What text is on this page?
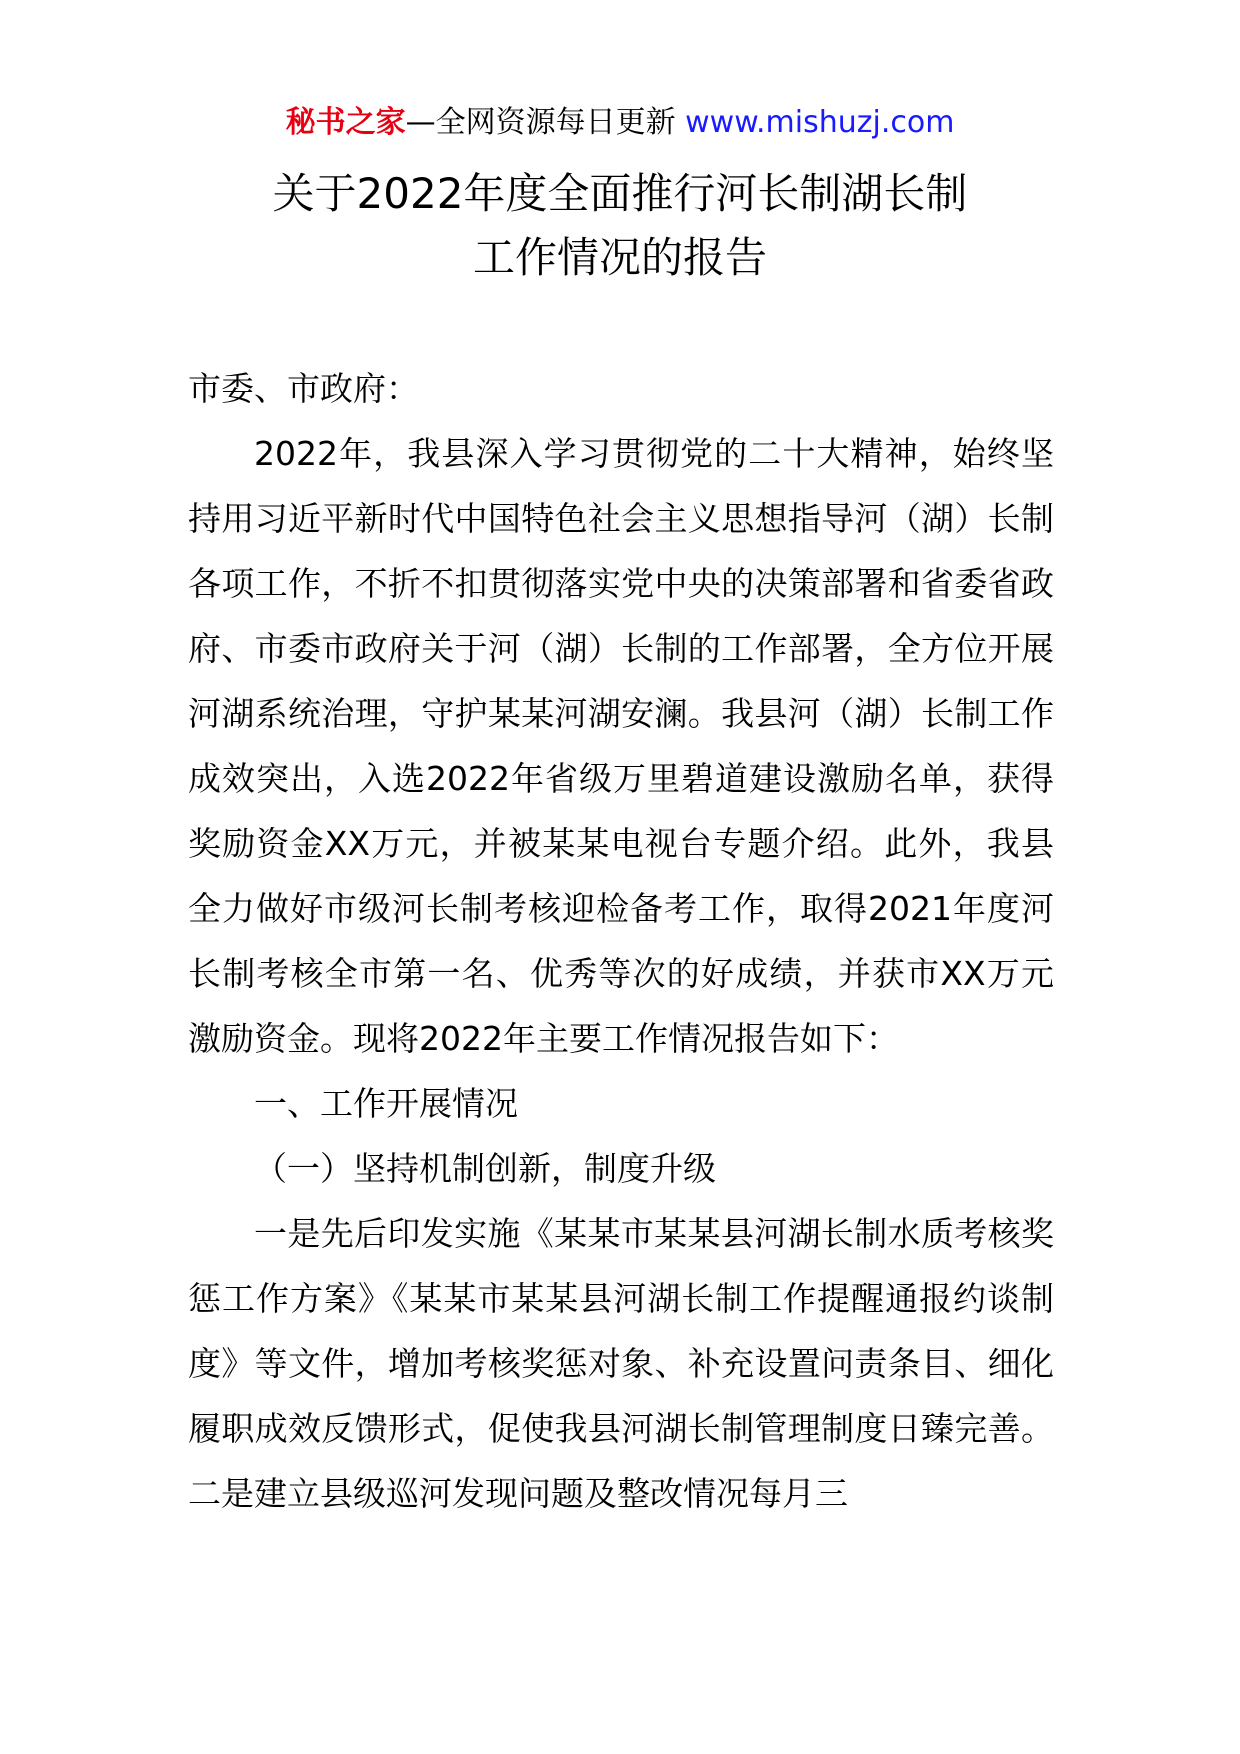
秘书之家—全网资源每日更新 www.mishuzj.com
关于2022年度全面推行河长制湖长制
工作情况的报告

市委、市政府：

2022年，我县深入学习贯彻党的二十大精神，始终坚持用习近平新时代中国特色社会主义思想指导河（湖）长制各项工作，不折不扣贯彻落实党中央的决策部署和省委省政府、市委市政府关于河（湖）长制的工作部署，全方位开展河湖系统治理，守护某某河湖安澜。我县河（湖）长制工作成效突出，入选2022年省级万里碧道建设激励名单，获得奖励资金XX万元，并被某某电视台专题介绍。此外，我县全力做好市级河长制考核迎检备考工作，取得2021年度河长制考核全市第一名、优秀等次的好成绩，并获市XX万元激励资金。现将2022年主要工作情况报告如下：

一、工作开展情况

（一）坚持机制创新，制度升级

一是先后印发实施《某某市某某县河湖长制水质考核奖惩工作方案》《某某市某某县河湖长制工作提醒通报约谈制度》等文件，增加考核奖惩对象、补充设置问责条目、细化履职成效反馈形式，促使我县河湖长制管理制度日臻完善。二是建立县级巡河发现问题及整改情况每月三
